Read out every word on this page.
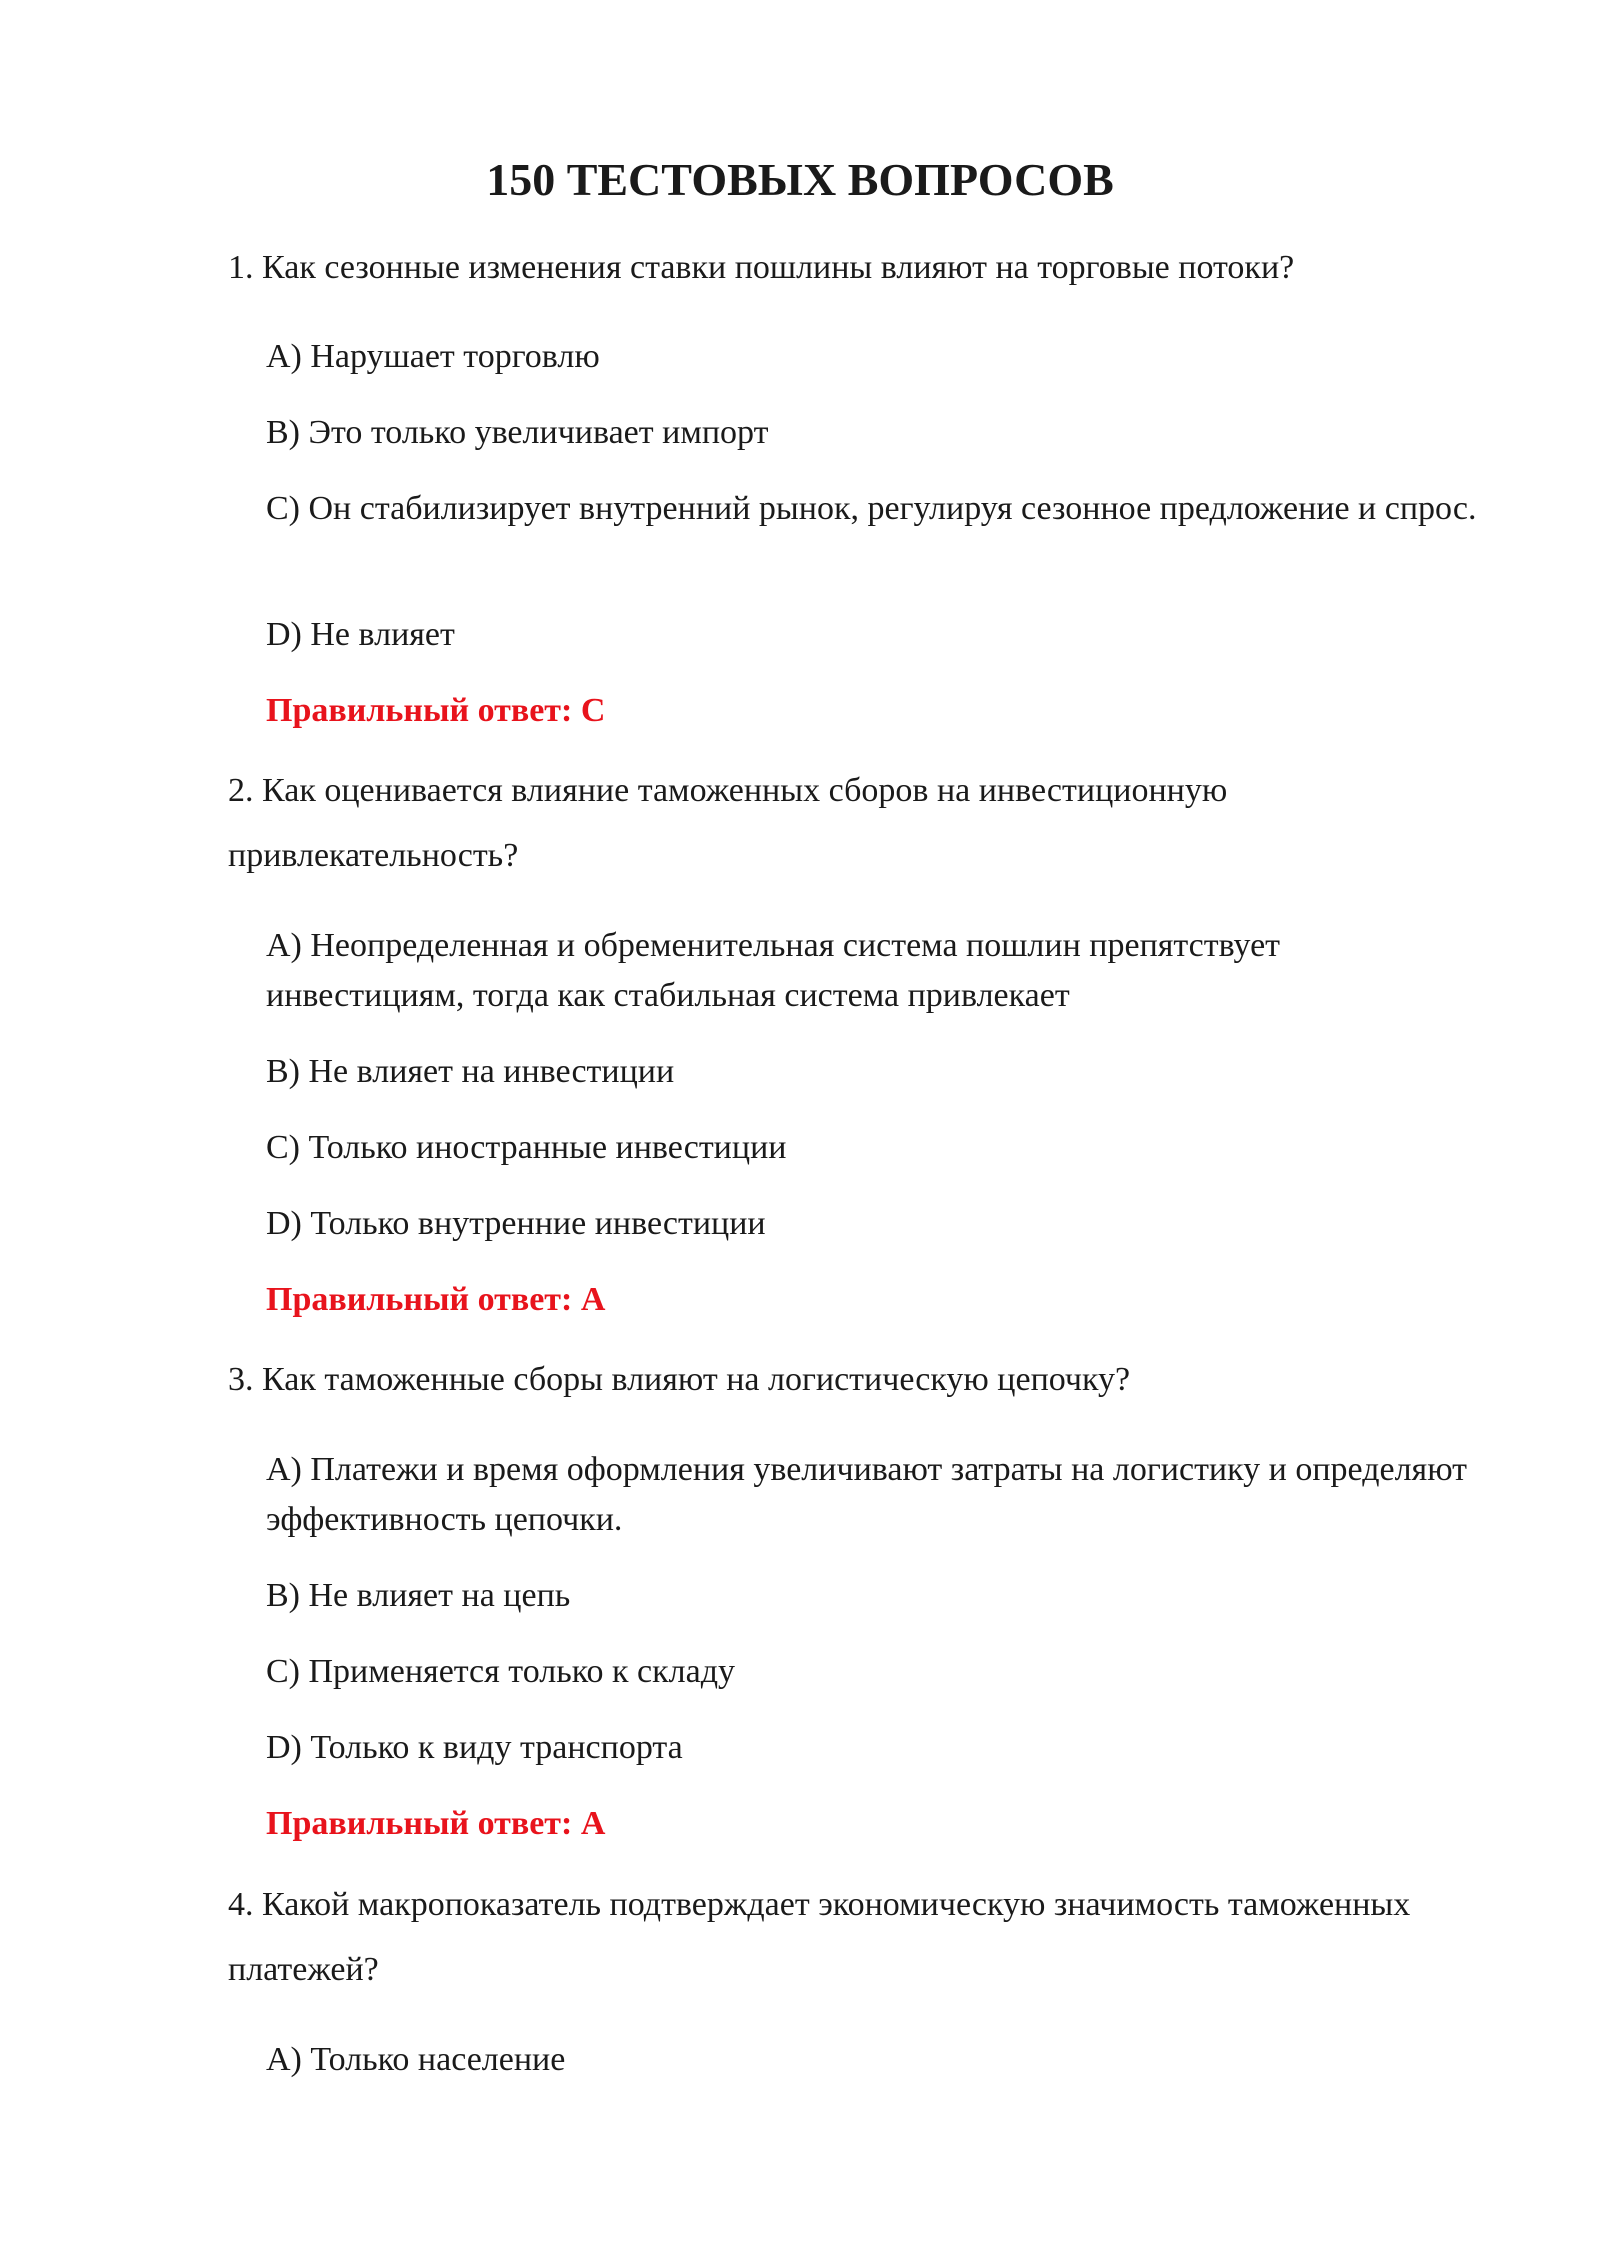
150 ТЕСТОВЫХ ВОПРОСОВ

1. Как сезонные изменения ставки пошлины влияют на торговые потоки?

A) Нарушает торговлю

B) Это только увеличивает импорт

C) Он стабилизирует внутренний рынок, регулируя сезонное предложение и спрос.

D) Не влияет

Правильный ответ: C

2. Как оценивается влияние таможенных сборов на инвестиционную привлекательность?

A) Неопределенная и обременительная система пошлин препятствует инвестициям, тогда как стабильная система привлекает

B) Не влияет на инвестиции

C) Только иностранные инвестиции

D) Только внутренние инвестиции

Правильный ответ: A

3. Как таможенные сборы влияют на логистическую цепочку?

A) Платежи и время оформления увеличивают затраты на логистику и определяют эффективность цепочки.

B) Не влияет на цепь

C) Применяется только к складу

D) Только к виду транспорта

Правильный ответ: A

4. Какой макропоказатель подтверждает экономическую значимость таможенных платежей?

A) Только население
